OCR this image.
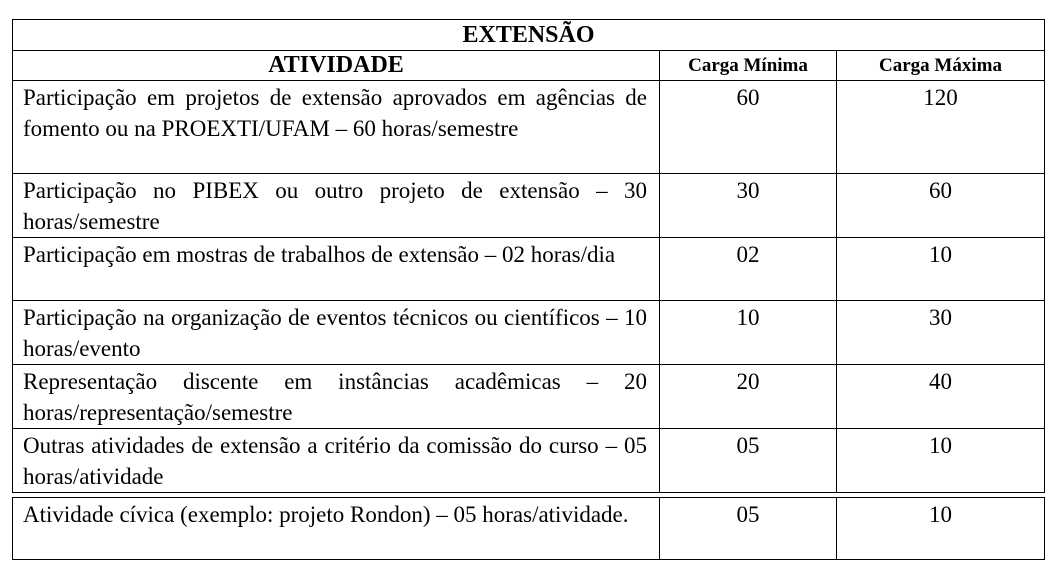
EXTENSÃO		
ATIVIDADE	Carga Mínima	Carga Máxima
Participação em projetos de extensão aprovados em agências de fomento ou na PROEXTI/UFAM – 60 horas/semestre	60	120
Participação no PIBEX ou outro projeto de extensão – 30 horas/semestre	30	60
Participação em mostras de trabalhos de extensão – 02 horas/dia	02	10
Participação na organização de eventos técnicos ou científicos – 10 horas/evento	10	30
Representação discente em instâncias acadêmicas – 20 horas/representação/semestre	20	40
Outras atividades de extensão a critério da comissão do curso – 05 horas/atividade	05	10

Atividade cívica (exemplo: projeto Rondon) – 05 horas/atividade.	05	10
